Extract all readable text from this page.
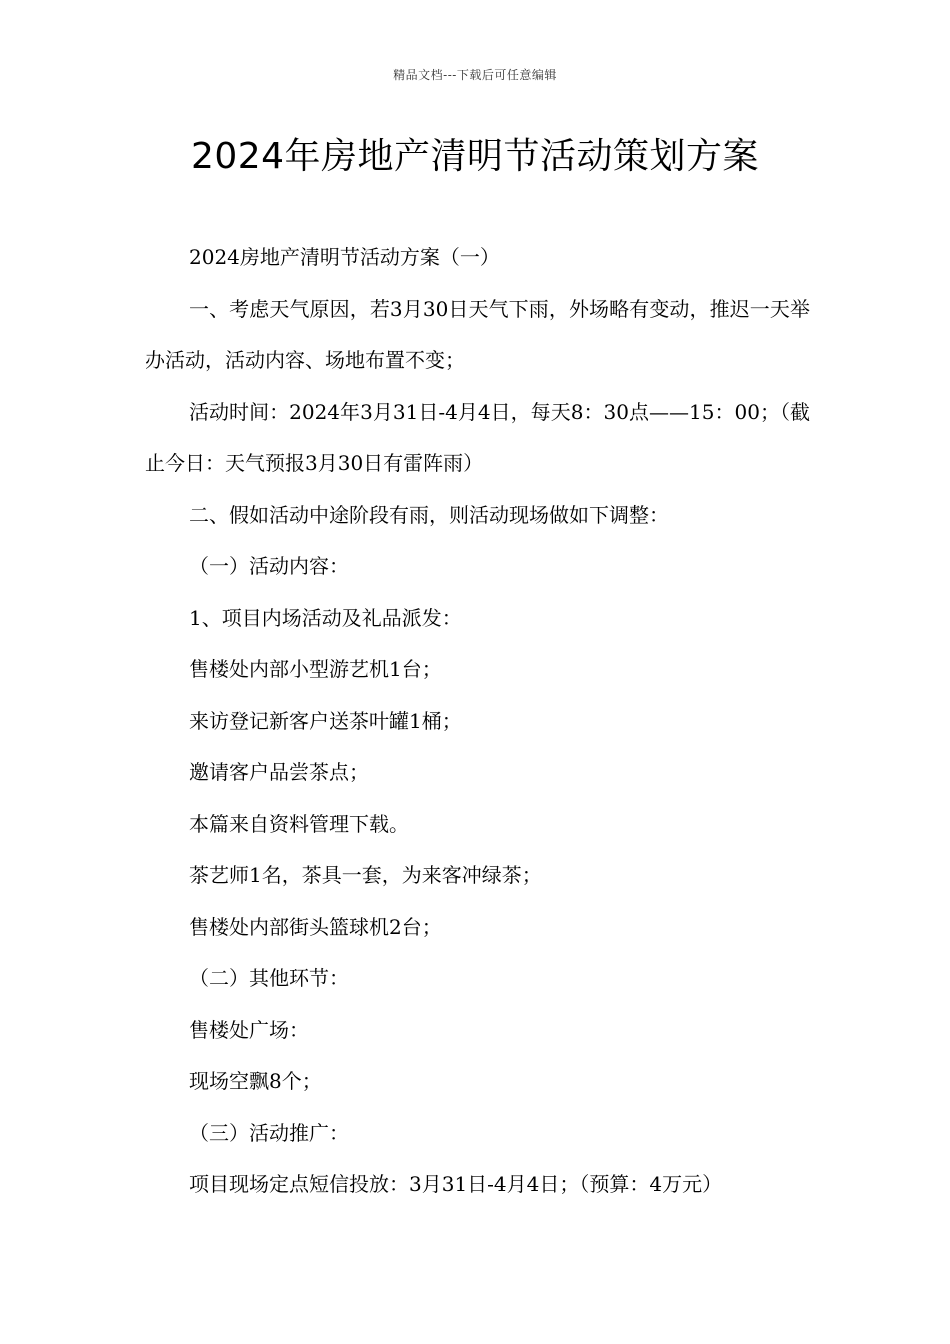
精品文档---下载后可任意编辑
2024年房地产清明节活动策划方案

2024房地产清明节活动方案（一）

一、考虑天气原因，若3月30日天气下雨，外场略有变动，推迟一天举办活动，活动内容、场地布置不变；

活动时间：2024年3月31日-4月4日，每天8：30点——15：00；（截止今日：天气预报3月30日有雷阵雨）

二、假如活动中途阶段有雨，则活动现场做如下调整：

（一）活动内容：

1、项目内场活动及礼品派发：

售楼处内部小型游艺机1台；

来访登记新客户送茶叶罐1桶；

邀请客户品尝茶点；

本篇来自资料管理下载。

茶艺师1名，茶具一套，为来客冲绿茶；

售楼处内部街头篮球机2台；

（二）其他环节：

售楼处广场：

现场空飘8个；

（三）活动推广：

项目现场定点短信投放：3月31日-4月4日；（预算：4万元）
